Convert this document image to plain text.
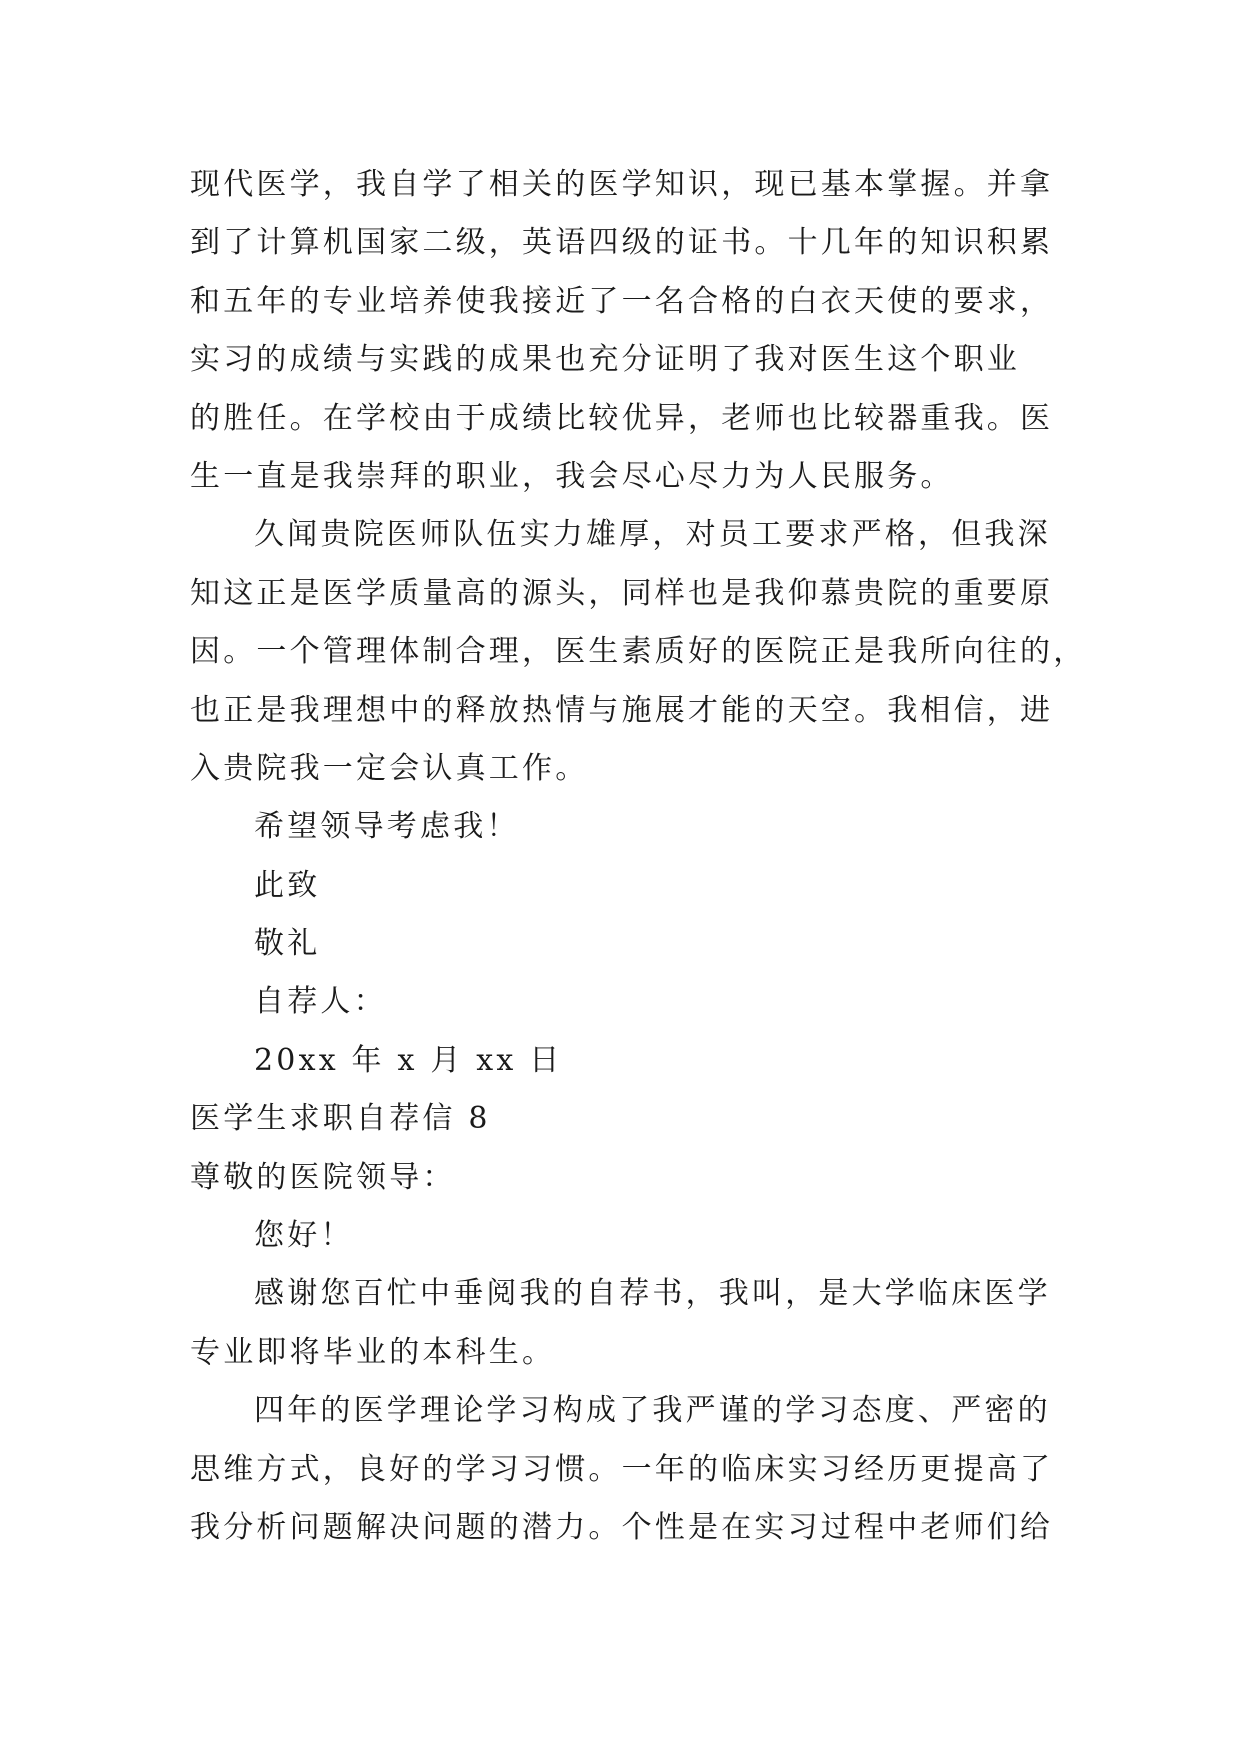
现代医学，我自学了相关的医学知识，现已基本掌握。并拿
到了计算机国家二级，英语四级的证书。十几年的知识积累
和五年的专业培养使我接近了一名合格的白衣天使的要求，
实习的成绩与实践的成果也充分证明了我对医生这个职业
的胜任。在学校由于成绩比较优异，老师也比较器重我。医
生一直是我崇拜的职业，我会尽心尽力为人民服务。
久闻贵院医师队伍实力雄厚，对员工要求严格，但我深
知这正是医学质量高的源头，同样也是我仰慕贵院的重要原
因。一个管理体制合理，医生素质好的医院正是我所向往的，
也正是我理想中的释放热情与施展才能的天空。我相信，进
入贵院我一定会认真工作。
希望领导考虑我！
此致
敬礼
自荐人：
20xx 年 x 月 xx 日
医学生求职自荐信 8
尊敬的医院领导：
您好！
感谢您百忙中垂阅我的自荐书，我叫，是大学临床医学
专业即将毕业的本科生。
四年的医学理论学习构成了我严谨的学习态度、严密的
思维方式，良好的学习习惯。一年的临床实习经历更提高了
我分析问题解决问题的潜力。个性是在实习过程中老师们给
